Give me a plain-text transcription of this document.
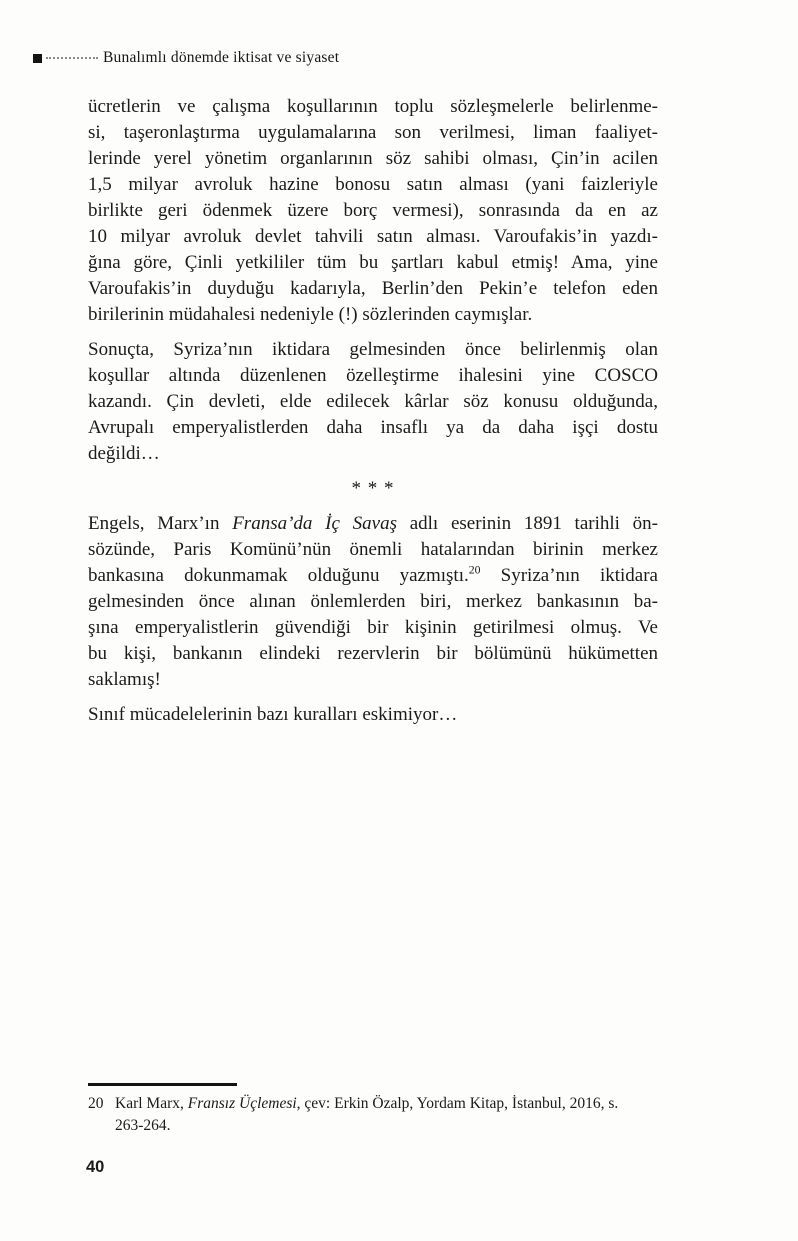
Bunalımlı dönemde iktisat ve siyaset
ücretlerin ve çalışma koşullarının toplu sözleşmelerle belirlenme-
si, taşeronlaştırma uygulamalarına son verilmesi, liman faaliyet-
lerinde yerel yönetim organlarının söz sahibi olması, Çin’in acilen
1,5 milyar avroluk hazine bonosu satın alması (yani faizleriyle
birlikte geri ödenmek üzere borç vermesi), sonrasında da en az
10 milyar avroluk devlet tahvili satın alması. Varoufakis’in yazdı-
ğına göre, Çinli yetkililer tüm bu şartları kabul etmiş! Ama, yine
Varoufakis’in duyduğu kadarıyla, Berlin’den Pekin’e telefon eden
birilerinin müdahalesi nedeniyle (!) sözlerinden caymışlar.
Sonuçta, Syriza’nın iktidara gelmesinden önce belirlenmiş olan
koşullar altında düzenlenen özelleştirme ihalesini yine COSCO
kazandı. Çin devleti, elde edilecek kârlar söz konusu olduğunda,
Avrupalı emperyalistlerden daha insaflı ya da daha işçi dostu
değildi…
* * *
Engels, Marx’ın Fransa’da İç Savaş adlı eserinin 1891 tarihli ön-
sözünde, Paris Komünü’nün önemli hatalarından birinin merkez
bankasına dokunmamak olduğunu yazmıştı.$^{20}$ Syriza’nın iktidara
gelmesinden önce alınan önlemlerden biri, merkez bankasının ba-
şına emperyalistlerin güvendiği bir kişinin getirilmesi olmuş. Ve
bu kişi, bankanın elindeki rezervlerin bir bölümünü hükümetten
saklamış!
Sınıf mücadelelerinin bazı kuralları eskimiyor…
20 Karl Marx, Fransız Üçlemesi, çev: Erkin Özalp, Yordam Kitap, İstanbul, 2016, s.
263-264.
40
